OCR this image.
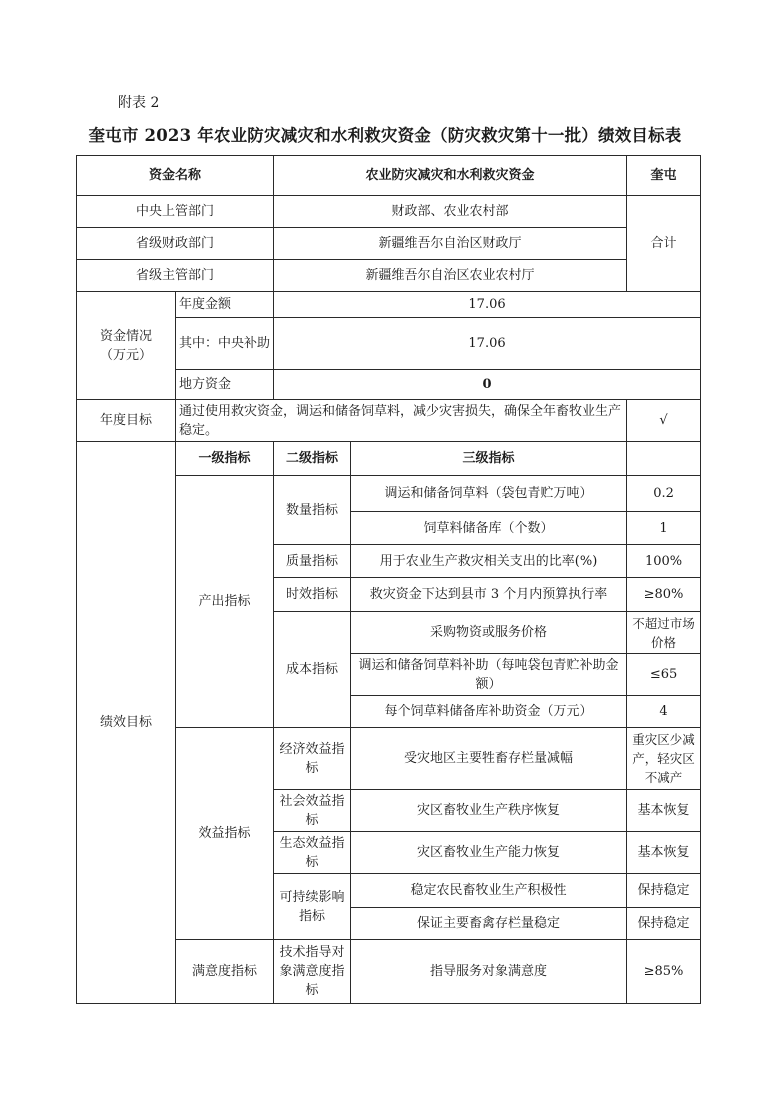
附表 2
奎屯市 2023 年农业防灾减灾和水利救灾资金（防灾救灾第十一批）绩效目标表
资金名称		农业防灾减灾和水利救灾资金		奎屯
中央上管部门		财政部、农业农村部		合计
省级财政部门		新疆维吾尔自治区财政厅		
省级主管部门		新疆维吾尔自治区农业农村厅		
资金情况（万元）	年度金额	17.06		
	其中：中央补助	17.06		
	地方资金	0		
年度目标	通过使用救灾资金，调运和储备饲草料，减少灾害损失，确保全年畜牧业生产稳定。			√
绩效目标	一级指标	二级指标	三级指标	
	产出指标	数量指标	调运和储备饲草料（袋包青贮万吨）	0.2
			饲草料储备库（个数）	1
		质量指标	用于农业生产救灾相关支出的比率(%)	100%
		时效指标	救灾资金下达到县市 3 个月内预算执行率	≥80%
		成本指标	采购物资或服务价格	不超过市场价格
			调运和储备饲草料补助（每吨袋包青贮补助金额）	≤65
			每个饲草料储备库补助资金（万元）	4
	效益指标	经济效益指标	受灾地区主要牲畜存栏量减幅	重灾区少减产，轻灾区不减产
		社会效益指标	灾区畜牧业生产秩序恢复	基本恢复
		生态效益指标	灾区畜牧业生产能力恢复	基本恢复
		可持续影响指标	稳定农民畜牧业生产积极性	保持稳定
			保证主要畜禽存栏量稳定	保持稳定
	满意度指标	技术指导对象满意度指标	指导服务对象满意度	≥85%
